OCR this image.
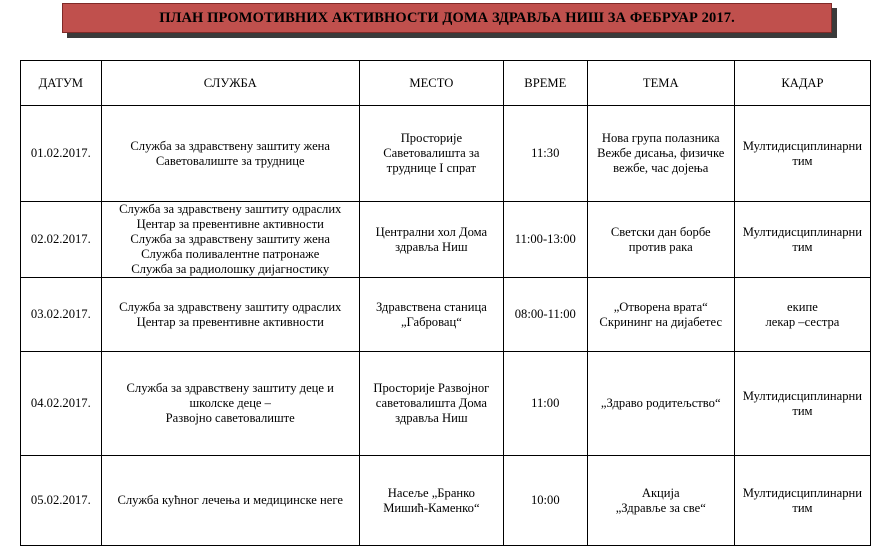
ПЛАН ПРОМОТИВНИХ АКТИВНОСТИ ДОМА ЗДРАВЉА НИШ ЗА ФЕБРУАР 2017.
ДАТУМ	СЛУЖБА	МЕСТО	ВРЕМЕ	ТЕМА	КАДАР
01.02.2017.	Служба за здравствену заштиту жена
Саветовалиште за труднице	Просторије
Саветовалишта за
труднице I спрат	11:30	Нова група полазника
Вежбе дисања, физичке
вежбе, час дојења	Мултидисциплинарни
тим

02.02.2017.	Служба за здравствену заштиту одраслих
Центар за превентивне активности
Служба за здравствену заштиту жена
Служба поливалентне патронаже
Служба за радиолошку дијагностику	Централни хол Дома
здравља Ниш	11:00-13:00	Светски дан борбе
против рака	Мултидисциплинарни
тим

03.02.2017.	Служба за здравствену заштиту одраслих
Центар за превентивне активности	Здравствена станица
„Габровац“	08:00-11:00	„Отворена врата“
Скрининг на дијабетес	екипе
лекар –сестра

04.02.2017.	Служба за здравствену заштиту деце и
школске деце –
Развојно саветовалиште	Просторије Развојног
саветовалишта Дома
здравља Ниш	11:00	„Здраво родитељство“	Мултидисциплинарни
тим

05.02.2017.	Служба кућног лечења и медицинске неге	Насеље „Бранко
Мишић-Каменко“	10:00	Акција
„Здравље за све“	Мултидисциплинарни
тим
